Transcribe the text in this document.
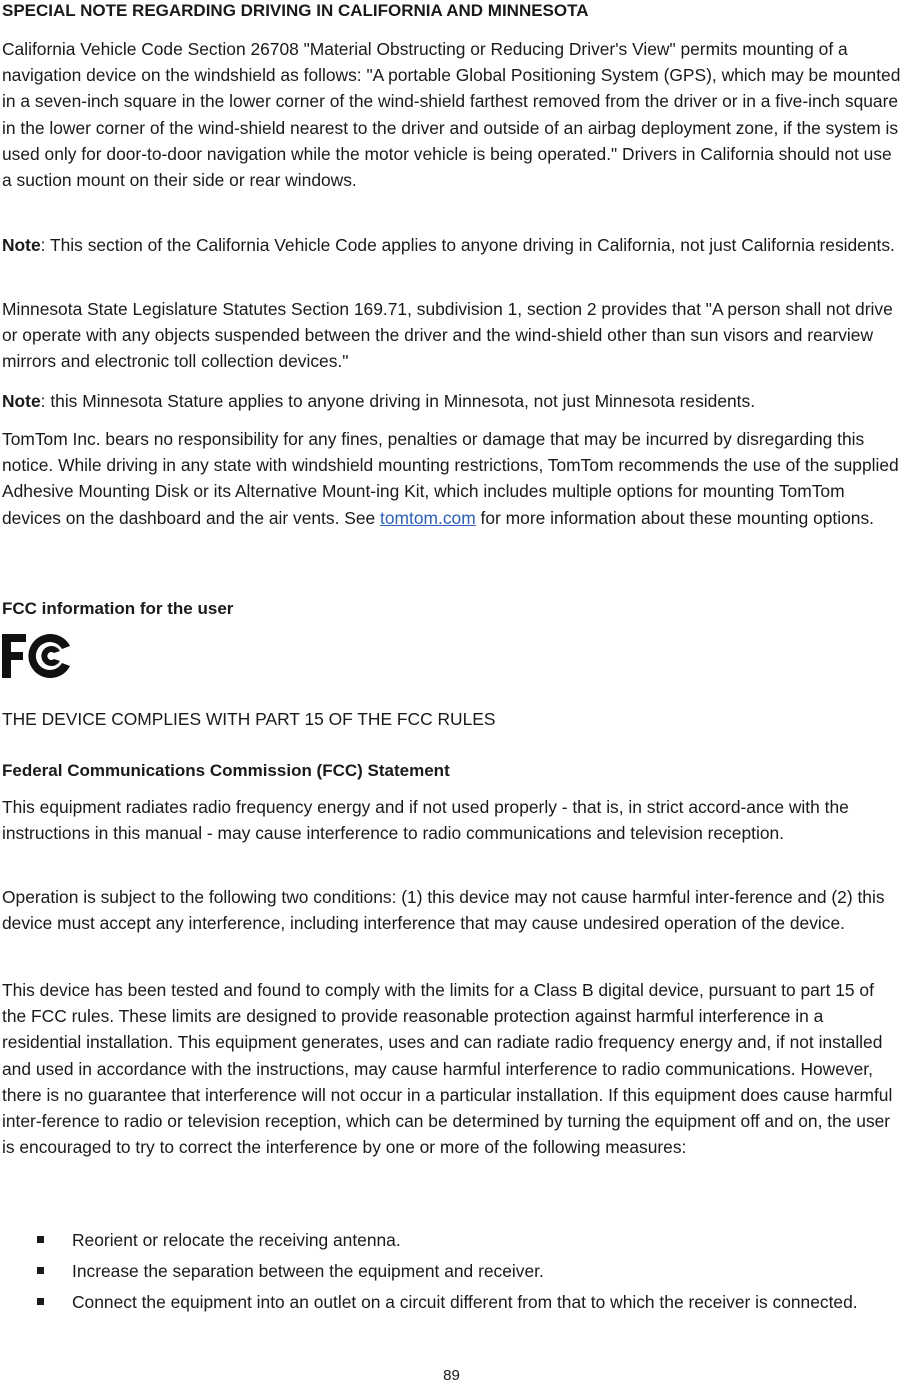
SPECIAL NOTE REGARDING DRIVING IN CALIFORNIA AND MINNESOTA

California Vehicle Code Section 26708 "Material Obstructing or Reducing Driver's View" permits mounting of a navigation device on the windshield as follows: "A portable Global Positioning System (GPS), which may be mounted in a seven-inch square in the lower corner of the wind-shield farthest removed from the driver or in a five-inch square in the lower corner of the wind-shield nearest to the driver and outside of an airbag deployment zone, if the system is used only for door-to-door navigation while the motor vehicle is being operated." Drivers in California should not use a suction mount on their side or rear windows.

Note: This section of the California Vehicle Code applies to anyone driving in California, not just California residents.

Minnesota State Legislature Statutes Section 169.71, subdivision 1, section 2 provides that "A person shall not drive or operate with any objects suspended between the driver and the wind-shield other than sun visors and rearview mirrors and electronic toll collection devices."

Note: this Minnesota Stature applies to anyone driving in Minnesota, not just Minnesota residents.

TomTom Inc. bears no responsibility for any fines, penalties or damage that may be incurred by disregarding this notice. While driving in any state with windshield mounting restrictions, TomTom recommends the use of the supplied Adhesive Mounting Disk or its Alternative Mount-ing Kit, which includes multiple options for mounting TomTom devices on the dashboard and the air vents. See tomtom.com for more information about these mounting options.

FCC information for the user

THE DEVICE COMPLIES WITH PART 15 OF THE FCC RULES

Federal Communications Commission (FCC) Statement

This equipment radiates radio frequency energy and if not used properly - that is, in strict accord-ance with the instructions in this manual - may cause interference to radio communications and television reception.

Operation is subject to the following two conditions: (1) this device may not cause harmful inter-ference and (2) this device must accept any interference, including interference that may cause undesired operation of the device.

This device has been tested and found to comply with the limits for a Class B digital device, pursuant to part 15 of the FCC rules. These limits are designed to provide reasonable protection against harmful interference in a residential installation. This equipment generates, uses and can radiate radio frequency energy and, if not installed and used in accordance with the instructions, may cause harmful interference to radio communications. However, there is no guarantee that interference will not occur in a particular installation. If this equipment does cause harmful inter-ference to radio or television reception, which can be determined by turning the equipment off and on, the user is encouraged to try to correct the interference by one or more of the following measures:

Reorient or relocate the receiving antenna.
Increase the separation between the equipment and receiver.
Connect the equipment into an outlet on a circuit different from that to which the receiver is connected.
89
